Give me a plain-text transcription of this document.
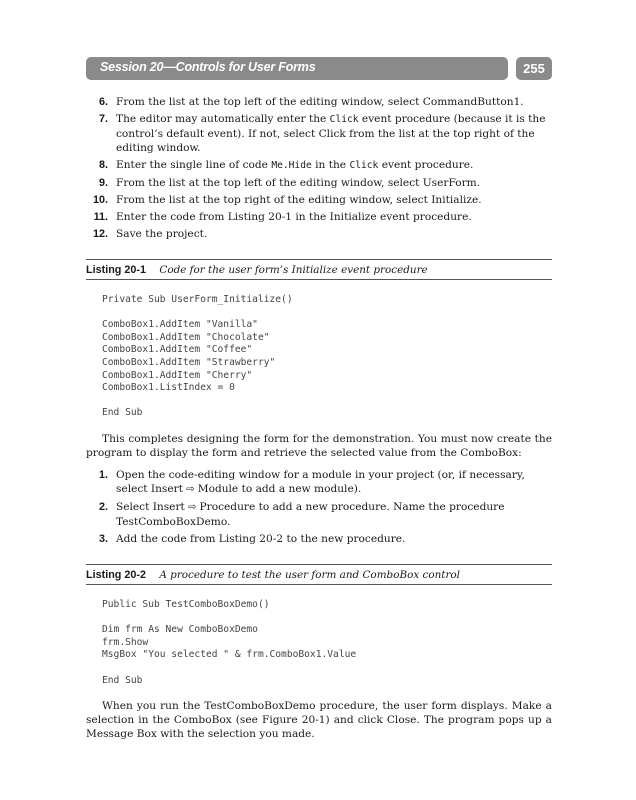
Session 20—Controls for User Forms	255
6. From the list at the top left of the editing window, select CommandButton1.
7. The editor may automatically enter the Click event procedure (because it is the control’s default event). If not, select Click from the list at the top right of the editing window.
8. Enter the single line of code Me.Hide in the Click event procedure.
9. From the list at the top left of the editing window, select UserForm.
10. From the list at the top right of the editing window, select Initialize.
11. Enter the code from Listing 20-1 in the Initialize event procedure.
12. Save the project.
Listing 20-1 Code for the user form’s Initialize event procedure
Private Sub UserForm_Initialize()
ComboBox1.AddItem "Vanilla"
ComboBox1.AddItem "Chocolate"
ComboBox1.AddItem "Coffee"
ComboBox1.AddItem "Strawberry"
ComboBox1.AddItem "Cherry"
ComboBox1.ListIndex = 0
End Sub

This completes designing the form for the demonstration. You must now create the program to display the form and retrieve the selected value from the ComboBox:

1. Open the code-editing window for a module in your project (or, if necessary, select Insert ⇨ Module to add a new module).
2. Select Insert ⇨ Procedure to add a new procedure. Name the procedure TestComboBoxDemo.
3. Add the code from Listing 20-2 to the new procedure.
Listing 20-2 A procedure to test the user form and ComboBox control
Public Sub TestComboBoxDemo()
Dim frm As New ComboBoxDemo
frm.Show
MsgBox "You selected " & frm.ComboBox1.Value
End Sub

When you run the TestComboBoxDemo procedure, the user form displays. Make a selection in the ComboBox (see Figure 20-1) and click Close. The program pops up a Message Box with the selection you made.
